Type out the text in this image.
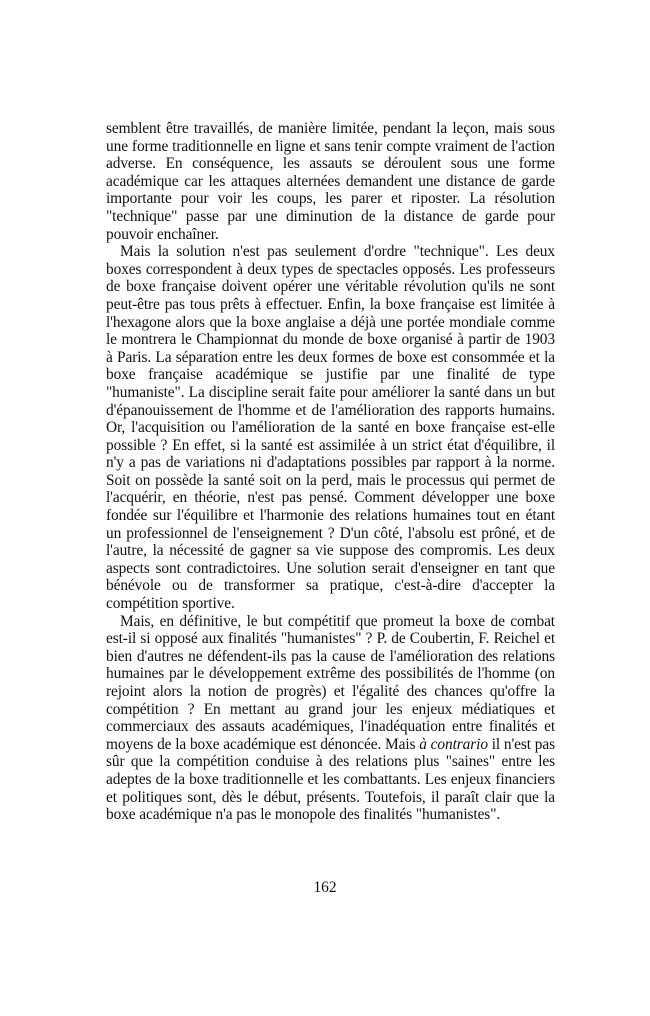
semblent être travaillés, de manière limitée, pendant la leçon, mais sous une forme traditionnelle en ligne et sans tenir compte vraiment de l'action adverse. En conséquence, les assauts se déroulent sous une forme académique car les attaques alternées demandent une distance de garde importante pour voir les coups, les parer et riposter. La résolution "technique" passe par une diminution de la distance de garde pour pouvoir enchaîner.

Mais la solution n'est pas seulement d'ordre "technique". Les deux boxes correspondent à deux types de spectacles opposés. Les professeurs de boxe française doivent opérer une véritable révolution qu'ils ne sont peut-être pas tous prêts à effectuer. Enfin, la boxe française est limitée à l'hexagone alors que la boxe anglaise a déjà une portée mondiale comme le montrera le Championnat du monde de boxe organisé à partir de 1903 à Paris. La séparation entre les deux formes de boxe est consommée et la boxe française académique se justifie par une finalité de type "humaniste". La discipline serait faite pour améliorer la santé dans un but d'épanouissement de l'homme et de l'amélioration des rapports humains. Or, l'acquisition ou l'amélioration de la santé en boxe française est-elle possible ? En effet, si la santé est assimilée à un strict état d'équilibre, il n'y a pas de variations ni d'adaptations possibles par rapport à la norme. Soit on possède la santé soit on la perd, mais le processus qui permet de l'acquérir, en théorie, n'est pas pensé. Comment développer une boxe fondée sur l'équilibre et l'harmonie des relations humaines tout en étant un professionnel de l'enseignement ? D'un côté, l'absolu est prôné, et de l'autre, la nécessité de gagner sa vie suppose des compromis. Les deux aspects sont contradictoires. Une solution serait d'enseigner en tant que bénévole ou de transformer sa pratique, c'est-à-dire d'accepter la compétition sportive.

Mais, en définitive, le but compétitif que promeut la boxe de combat est-il si opposé aux finalités "humanistes" ? P. de Coubertin, F. Reichel et bien d'autres ne défendent-ils pas la cause de l'amélioration des relations humaines par le développement extrême des possibilités de l'homme (on rejoint alors la notion de progrès) et l'égalité des chances qu'offre la compétition ? En mettant au grand jour les enjeux médiatiques et commerciaux des assauts académiques, l'inadéquation entre finalités et moyens de la boxe académique est dénoncée. Mais à contrario il n'est pas sûr que la compétition conduise à des relations plus "saines" entre les adeptes de la boxe traditionnelle et les combattants. Les enjeux financiers et politiques sont, dès le début, présents. Toutefois, il paraît clair que la boxe académique n'a pas le monopole des finalités "humanistes".

162
